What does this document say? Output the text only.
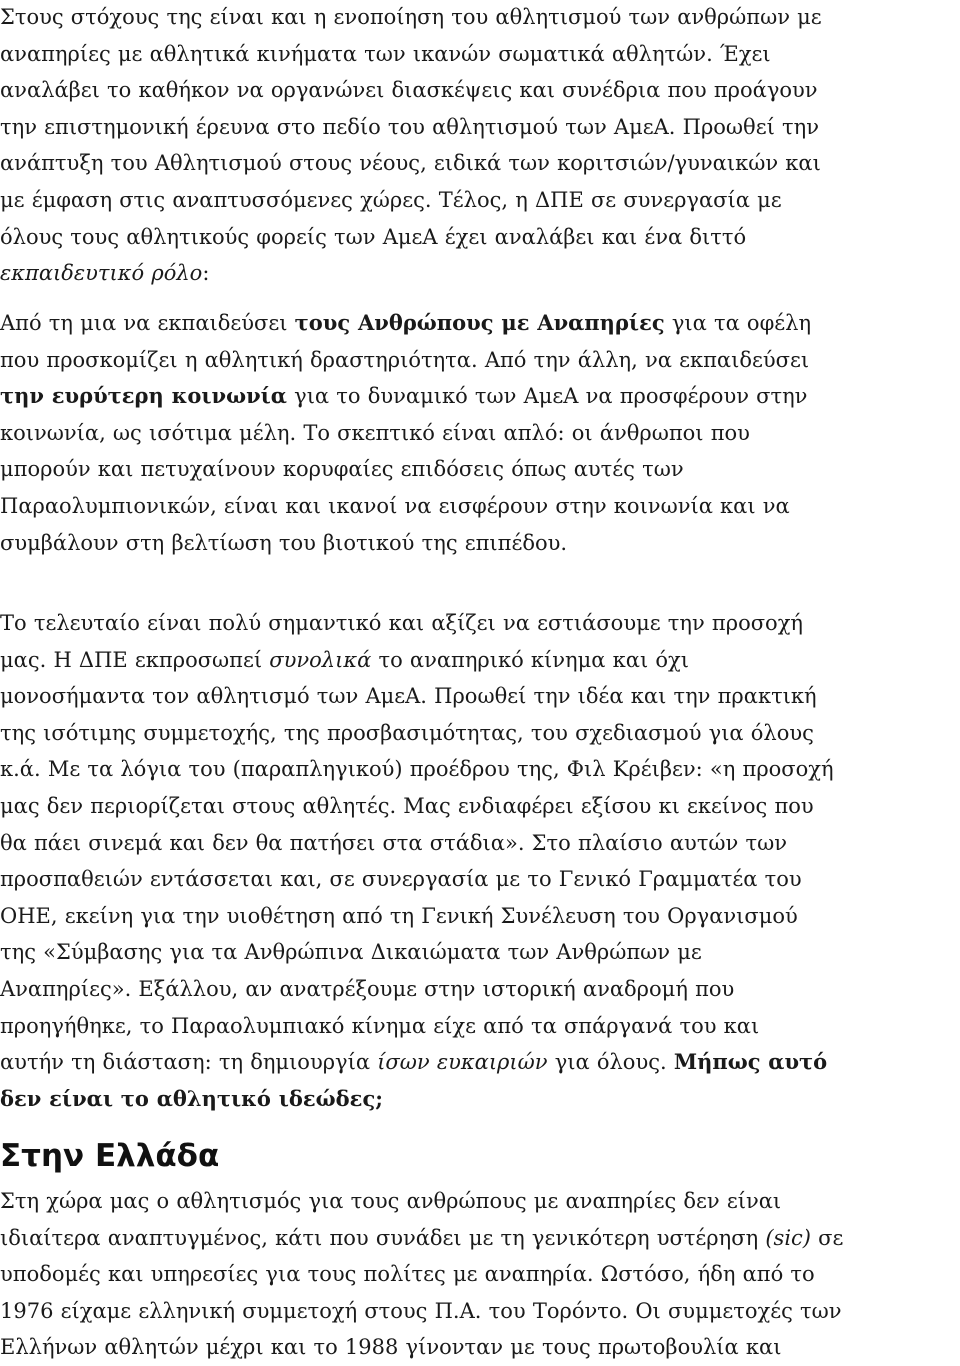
Στους στόχους της είναι και η ενοποίηση του αθλητισμού των ανθρώπων με
αναπηρίες με αθλητικά κινήματα των ικανών σωματικά αθλητών. Έχει
αναλάβει το καθήκον να οργανώνει διασκέψεις και συνέδρια που προάγουν
την επιστημονική έρευνα στο πεδίο του αθλητισμού των ΑμεΑ. Προωθεί την
ανάπτυξη του Αθλητισμού στους νέους, ειδικά των κοριτσιών/γυναικών και
με έμφαση στις αναπτυσσόμενες χώρες. Τέλος, η ΔΠΕ σε συνεργασία με
όλους τους αθλητικούς φορείς των ΑμεΑ έχει αναλάβει και ένα διττό
εκπαιδευτικό ρόλο:

Από τη μια να εκπαιδεύσει τους Ανθρώπους με Αναπηρίες για τα οφέλη
που προσκομίζει η αθλητική δραστηριότητα. Από την άλλη, να εκπαιδεύσει
την ευρύτερη κοινωνία για το δυναμικό των ΑμεΑ να προσφέρουν στην
κοινωνία, ως ισότιμα μέλη. Το σκεπτικό είναι απλό: οι άνθρωποι που
μπορούν και πετυχαίνουν κορυφαίες επιδόσεις όπως αυτές των
Παραολυμπιονικών, είναι και ικανοί να εισφέρουν στην κοινωνία και να
συμβάλουν στη βελτίωση του βιοτικού της επιπέδου.

Το τελευταίο είναι πολύ σημαντικό και αξίζει να εστιάσουμε την προσοχή
μας. Η ΔΠΕ εκπροσωπεί συνολικά το αναπηρικό κίνημα και όχι
μονοσήμαντα τον αθλητισμό των ΑμεΑ. Προωθεί την ιδέα και την πρακτική
της ισότιμης συμμετοχής, της προσβασιμότητας, του σχεδιασμού για όλους
κ.ά. Με τα λόγια του (παραπληγικού) προέδρου της, Φιλ Κρέιβεν: «η προσοχή
μας δεν περιορίζεται στους αθλητές. Μας ενδιαφέρει εξίσου κι εκείνος που
θα πάει σινεμά και δεν θα πατήσει στα στάδια». Στο πλαίσιο αυτών των
προσπαθειών εντάσσεται και, σε συνεργασία με το Γενικό Γραμματέα του
ΟΗΕ, εκείνη για την υιοθέτηση από τη Γενική Συνέλευση του Οργανισμού
της «Σύμβασης για τα Ανθρώπινα Δικαιώματα των Ανθρώπων με
Αναπηρίες». Εξάλλου, αν ανατρέξουμε στην ιστορική αναδρομή που
προηγήθηκε, το Παραολυμπιακό κίνημα είχε από τα σπάργανά του και
αυτήν τη διάσταση: τη δημιουργία ίσων ευκαιριών για όλους. Μήπως αυτό
δεν είναι το αθλητικό ιδεώδες;

Στην Ελλάδα

Στη χώρα μας ο αθλητισμός για τους ανθρώπους με αναπηρίες δεν είναι
ιδιαίτερα αναπτυγμένος, κάτι που συνάδει με τη γενικότερη υστέρηση (sic) σε
υποδομές και υπηρεσίες για τους πολίτες με αναπηρία. Ωστόσο, ήδη από το
1976 είχαμε ελληνική συμμετοχή στους Π.Α. του Τορόντο. Οι συμμετοχές των
Ελλήνων αθλητών μέχρι και το 1988 γίνονταν με τους πρωτοβουλία και
